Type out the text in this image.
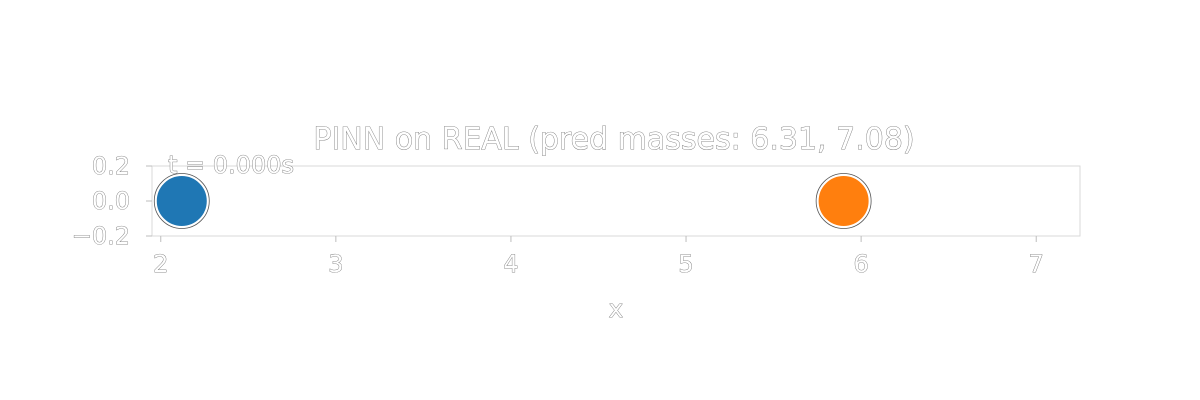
PINN on REAL (pred masses: 6.31, 7.08)
2	3	4	5	6	7
0.2
0.0
−0.2
t = 0.000s
x
